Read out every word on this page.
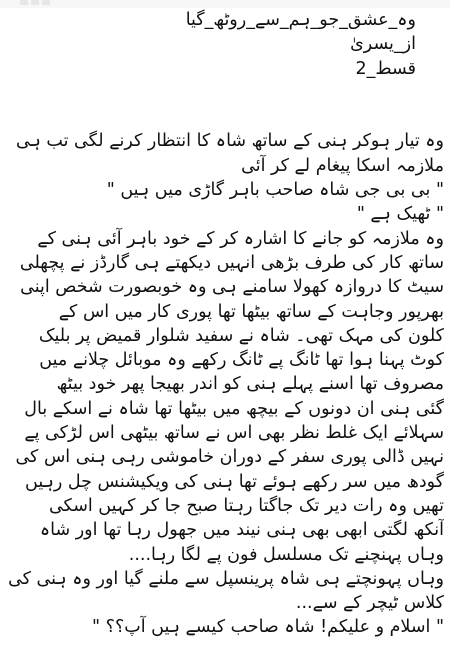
وہ_عشق_جو_ہم_سے_روٹھ_گیا
از_یسریٰ
قسط_2
وہ تیار ہوکر ہنی کے ساتھ شاہ کا انتظار کرنے لگی تب ہی
ملازمہ اسکا پیغام لے کر آئی
" بی بی جی شاہ صاحب باہر گاڑی میں ہیں "
" ٹھیک ہے "
وہ ملازمہ کو جانے کا اشارہ کر کے خود باہر آئی ہنی کے
ساتھ کار کی طرف بڑھی انہیں دیکھتے ہی گارڈز نے پچھلی
سیٹ کا دروازہ کھولا سامنے ہی وہ خوبصورت شخص اپنی
بھرپور وجاہت کے ساتھ بیٹھا تھا پوری کار میں اس کے
کلون کی مہک تھی۔ شاہ نے سفید شلوار قمیض پر بلیک
کوٹ پہنا ہوا تھا ٹانگ پے ٹانگ رکھے وہ موبائل چلانے میں
مصروف تھا اسنے پہلے ہنی کو اندر بھیجا پھر خود بیٹھ
گئی ہنی ان دونوں کے بیچھ میں بیٹھا تھا شاہ نے اسکے بال
سہلائے ایک غلط نظر بھی اس نے ساتھ بیٹھی اس لڑکی پے
نہیں ڈالی پوری سفر کے دوران خاموشی رہی ہنی اس کی
گودھ میں سر رکھے ہوئے تھا ہنی کی ویکیشنس چل رہیں
تھیں وہ رات دیر تک جاگتا رہتا صبح جا کر کہیں اسکی
آنکھ لگتی ابھی بھی ہنی نیند میں جھول رہا تھا اور شاہ
وہاں پہنچنے تک مسلسل فون پے لگا رہا....
وہاں پہونچتے ہی شاہ پرینسپل سے ملنے گیا اور وہ ہنی کی
کلاس ٹیچر کے سے...
" اسلام و علیکم! شاہ صاحب کیسے ہیں آپ؟؟ "
